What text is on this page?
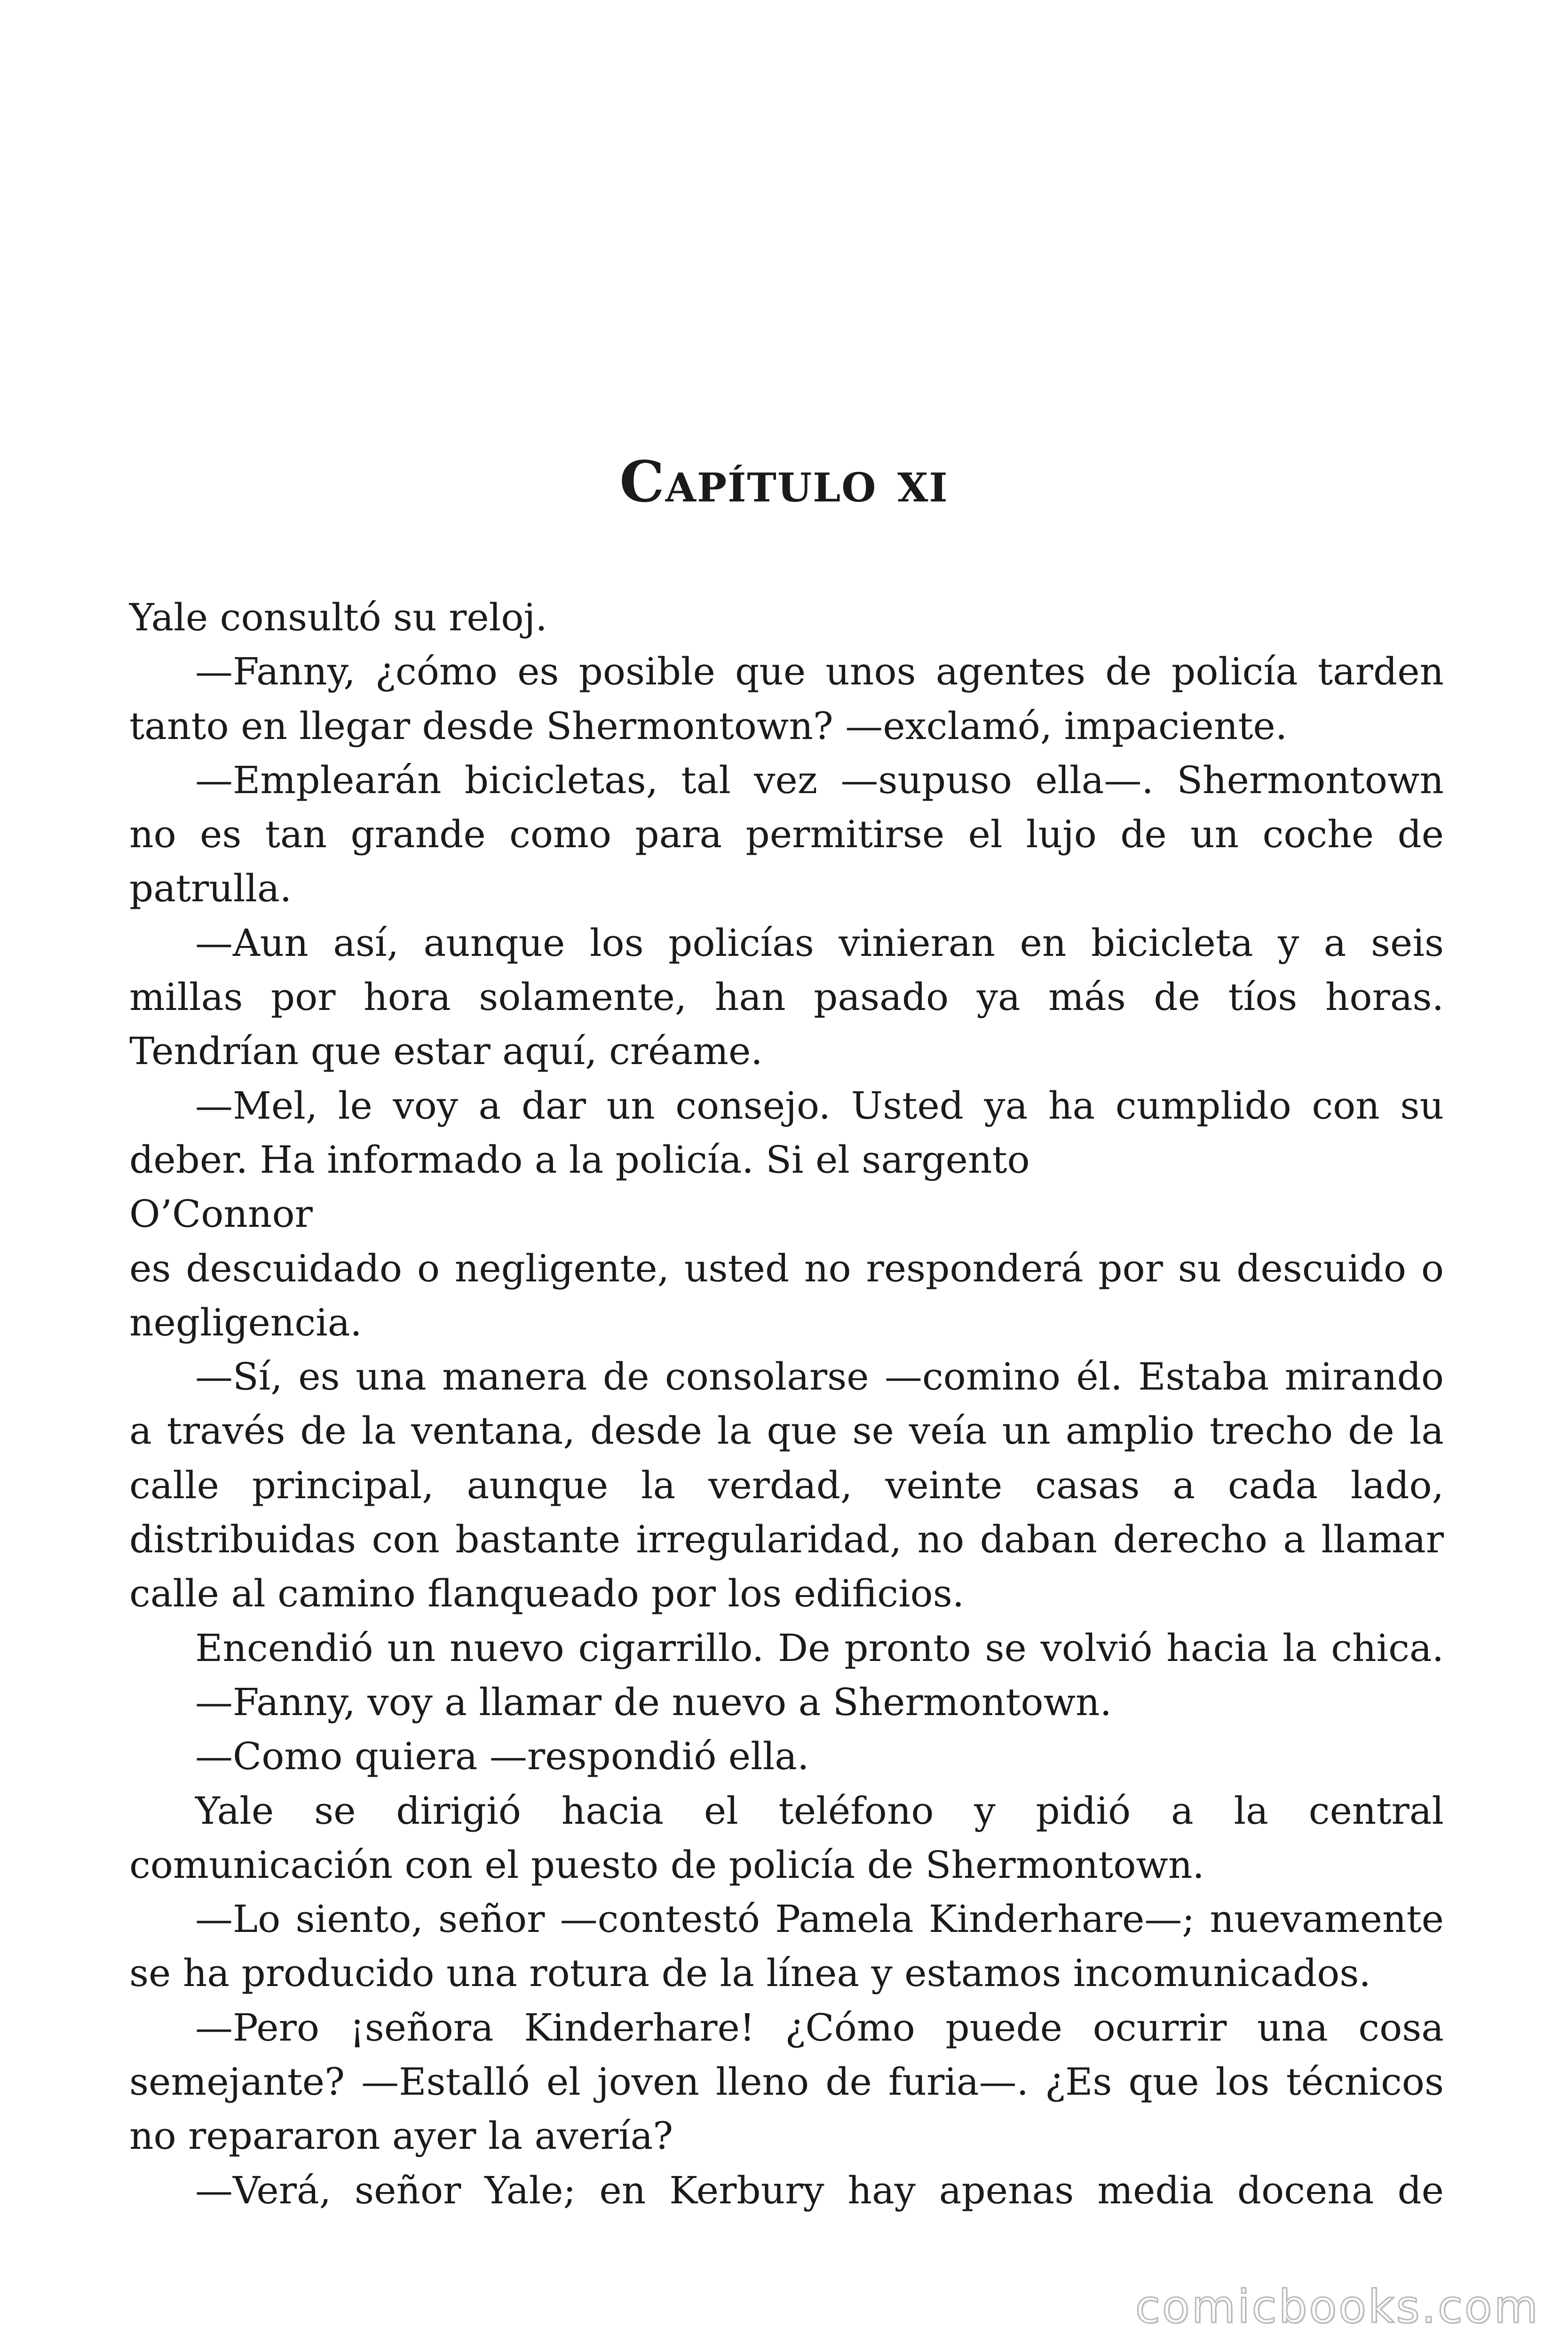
Capítulo xi
Yale consultó su reloj.
—Fanny, ¿cómo es posible que unos agentes de policía tarden
tanto en llegar desde Shermontown? —exclamó, impaciente.
—Emplearán bicicletas, tal vez —supuso ella—. Shermontown
no es tan grande como para permitirse el lujo de un coche de
patrulla.
—Aun así, aunque los policías vinieran en bicicleta y a seis
millas por hora solamente, han pasado ya más de tíos horas.
Tendrían que estar aquí, créame.
—Mel, le voy a dar un consejo. Usted ya ha cumplido con su
deber. Ha informado a la policía. Si el sargento
O’Connor
es descuidado o negligente, usted no responderá por su descuido o
negligencia.
—Sí, es una manera de consolarse —comino él. Estaba mirando
a través de la ventana, desde la que se veía un amplio trecho de la
calle principal, aunque la verdad, veinte casas a cada lado,
distribuidas con bastante irregularidad, no daban derecho a llamar
calle al camino flanqueado por los edificios.
Encendió un nuevo cigarrillo. De pronto se volvió hacia la chica.
—Fanny, voy a llamar de nuevo a Shermontown.
—Como quiera —respondió ella.
Yale se dirigió hacia el teléfono y pidió a la central
comunicación con el puesto de policía de Shermontown.
—Lo siento, señor —contestó Pamela Kinderhare—; nuevamente
se ha producido una rotura de la línea y estamos incomunicados.
—Pero ¡señora Kinderhare! ¿Cómo puede ocurrir una cosa
semejante? —Estalló el joven lleno de furia—. ¿Es que los técnicos
no repararon ayer la avería?
—Verá, señor Yale; en Kerbury hay apenas media docena de
comicbooks.com
